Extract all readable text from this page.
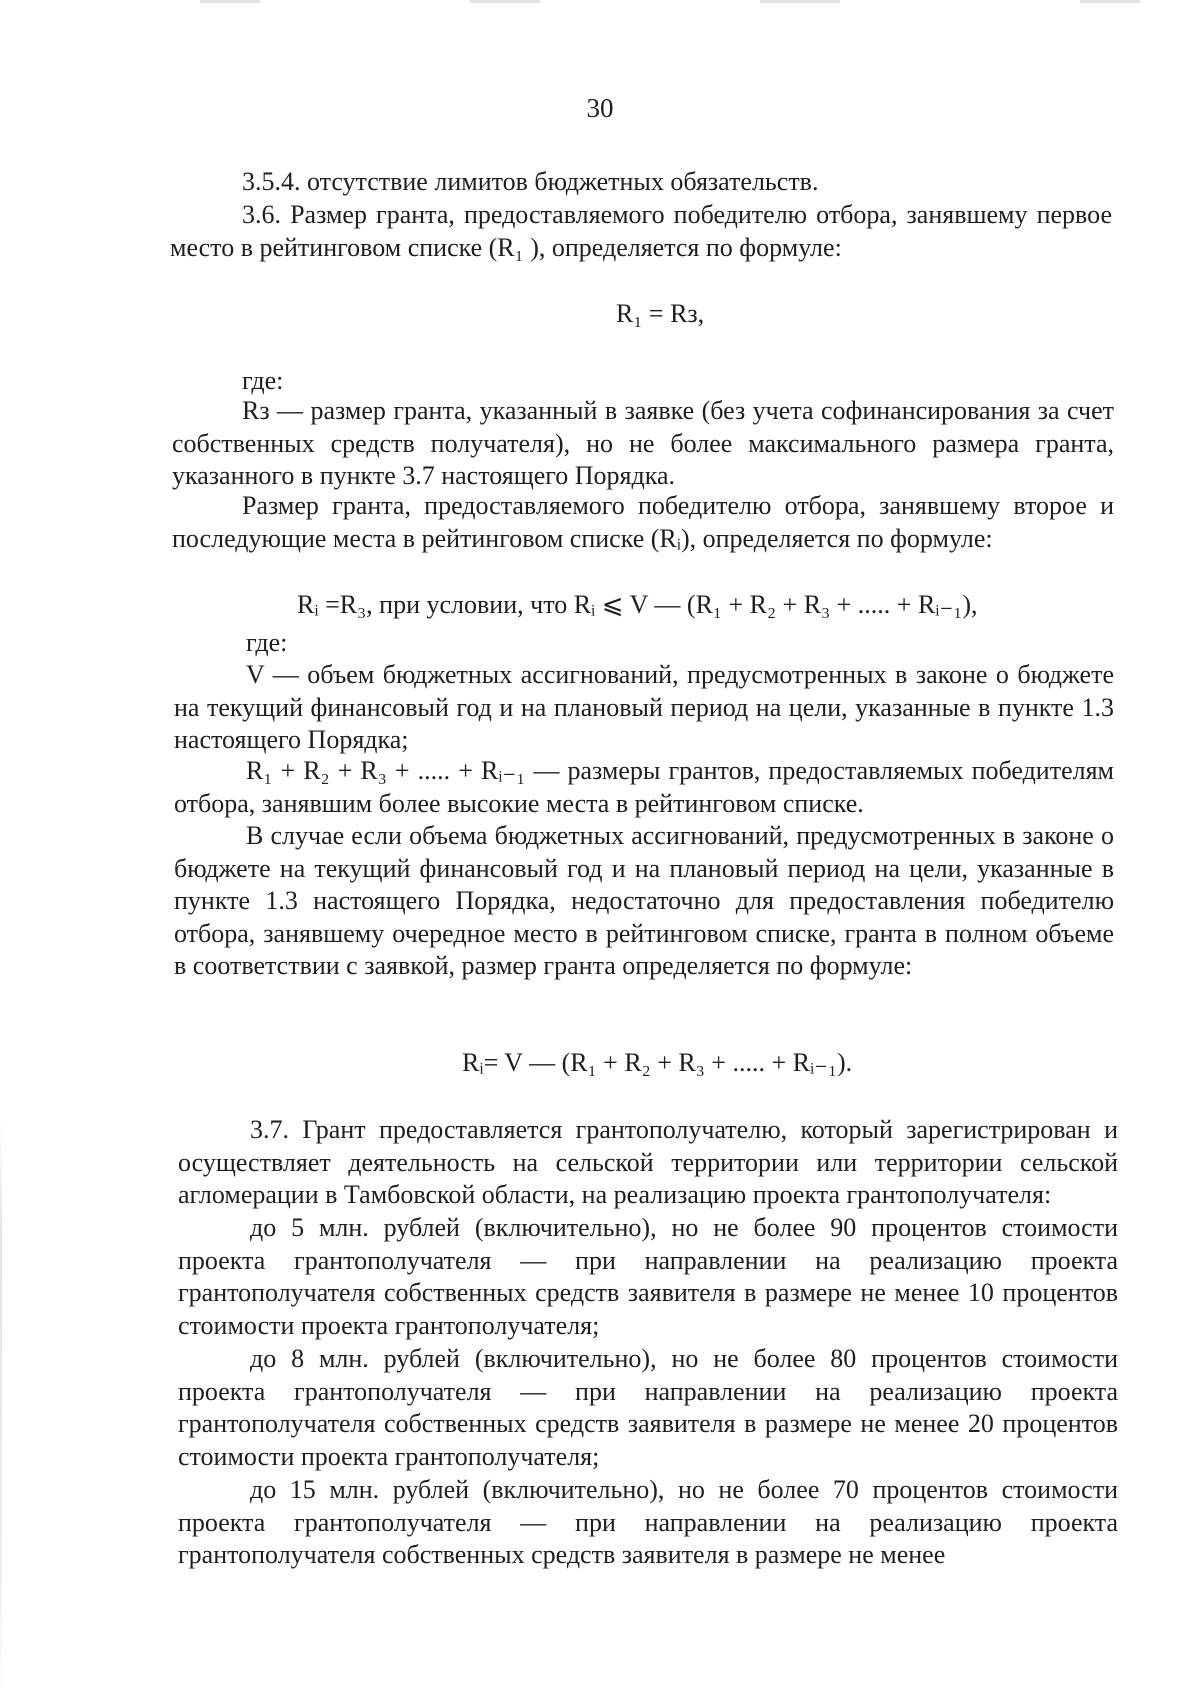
30

3.5.4. отсутствие лимитов бюджетных обязательств.

3.6. Размер гранта, предоставляемого победителю отбора, занявшему первое место в рейтинговом списке (R₁ ), определяется по формуле:

R₁ = Rз,
где:

Rз — размер гранта, указанный в заявке (без учета софинансирования за счет собственных средств получателя), но не более максимального размера гранта, указанного в пункте 3.7 настоящего Порядка.

Размер гранта, предоставляемого победителю отбора, занявшему второе и последующие места в рейтинговом списке (Rᵢ), определяется по формуле:

Rᵢ =R₃, при условии, что Rᵢ ⩽ V — (R₁ + R₂ + R₃ + ..... + Rᵢ₋₁),
где:

V — объем бюджетных ассигнований, предусмотренных в законе о бюджете на текущий финансовый год и на плановый период на цели, указанные в пункте 1.3 настоящего Порядка;

R₁ + R₂ + R₃ + ..... + Rᵢ₋₁ — размеры грантов, предоставляемых победителям отбора, занявшим более высокие места в рейтинговом списке.

В случае если объема бюджетных ассигнований, предусмотренных в законе о бюджете на текущий финансовый год и на плановый период на цели, указанные в пункте 1.3 настоящего Порядка, недостаточно для предоставления победителю отбора, занявшему очередное место в рейтинговом списке, гранта в полном объеме в соответствии с заявкой, размер гранта определяется по формуле:

Rᵢ= V — (R₁ + R₂ + R₃ + ..... + Rᵢ₋₁).

3.7. Грант предоставляется грантополучателю, который зарегистрирован и осуществляет деятельность на сельской территории или территории сельской агломерации в Тамбовской области, на реализацию проекта грантополучателя:

до 5 млн. рублей (включительно), но не более 90 процентов стоимости проекта грантополучателя — при направлении на реализацию проекта грантополучателя собственных средств заявителя в размере не менее 10 процентов стоимости проекта грантополучателя;

до 8 млн. рублей (включительно), но не более 80 процентов стоимости проекта грантополучателя — при направлении на реализацию проекта грантополучателя собственных средств заявителя в размере не менее 20 процентов стоимости проекта грантополучателя;

до 15 млн. рублей (включительно), но не более 70 процентов стоимости проекта грантополучателя — при направлении на реализацию проекта грантополучателя собственных средств заявителя в размере не менее
